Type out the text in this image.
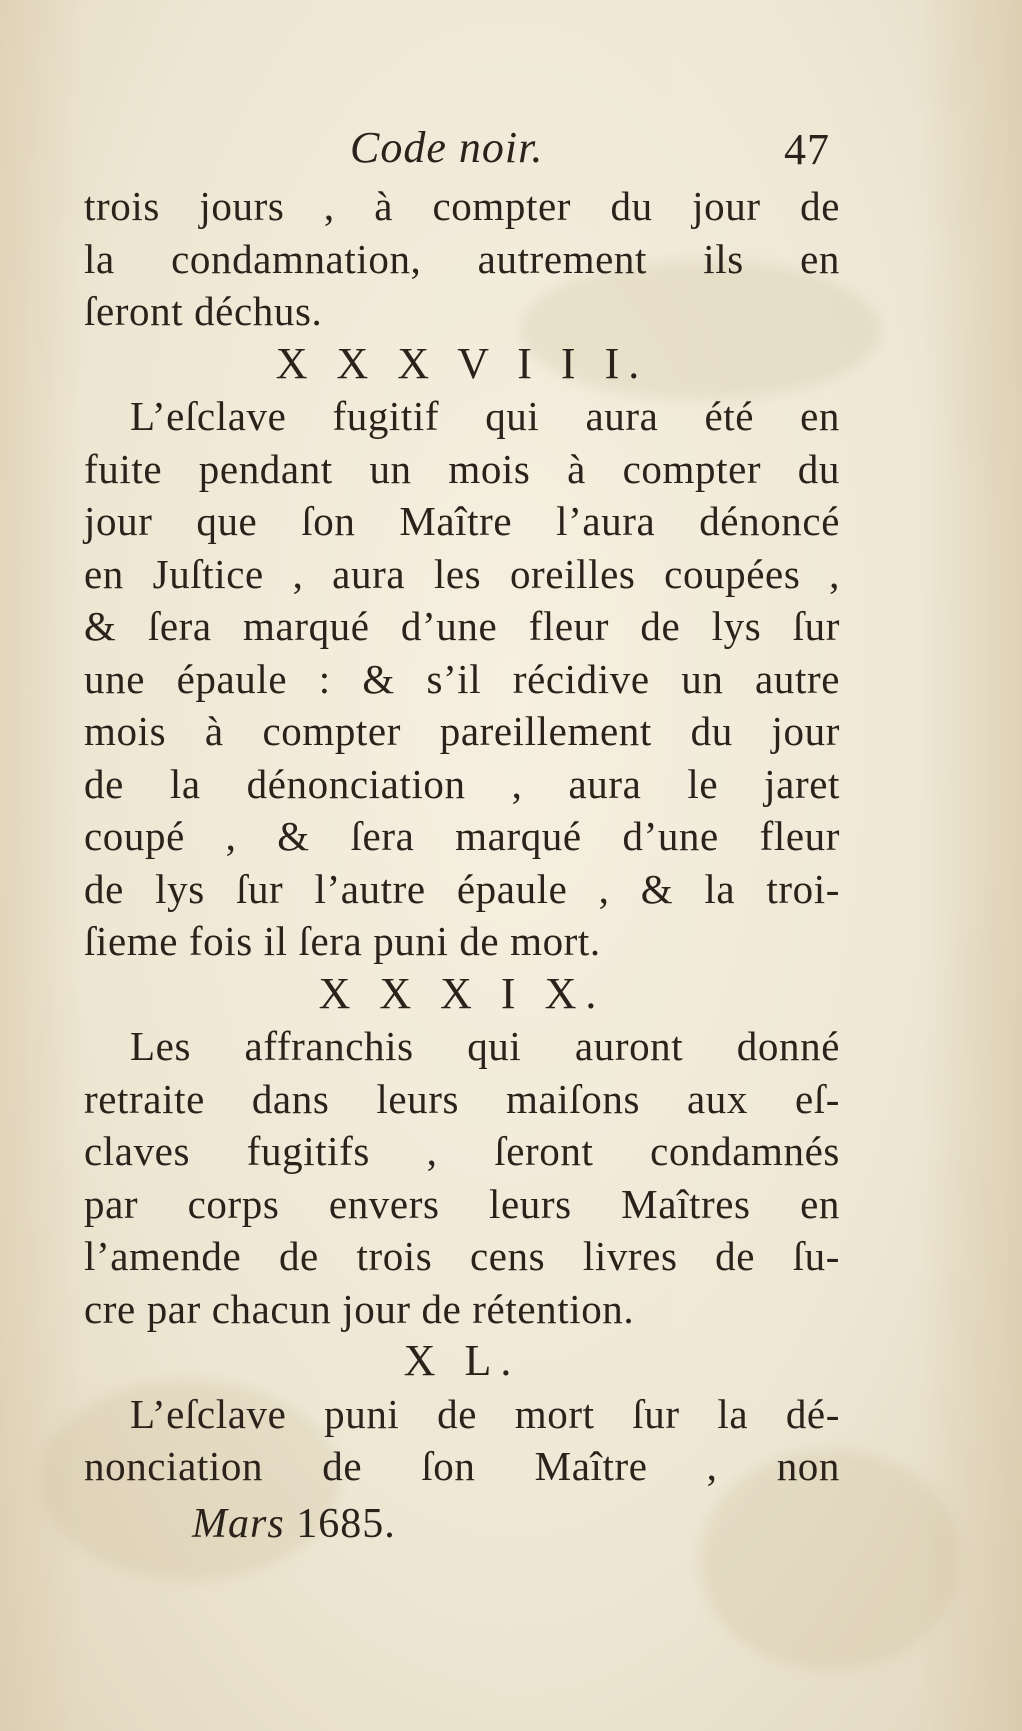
Code noir.	47
trois jours , à compter du jour de
la condamnation, autrement ils en
ſeront déchus.
X X X V I I I.
L’eſclave fugitif qui aura été en
fuite pendant un mois à compter du
jour que ſon Maître l’aura dénoncé
en Juſtice , aura les oreilles coupées ,
& ſera marqué d’une fleur de lys ſur
une épaule : & s’il récidive un autre
mois à compter pareillement du jour
de la dénonciation , aura le jaret
coupé , & ſera marqué d’une fleur
de lys ſur l’autre épaule , & la troi-
ſieme fois il ſera puni de mort.
X X X I X.
Les affranchis qui auront donné
retraite dans leurs maiſons aux eſ-
claves fugitifs , ſeront condamnés
par corps envers leurs Maîtres en
l’amende de trois cens livres de ſu-
cre par chacun jour de rétention.
X L.
L’eſclave puni de mort ſur la dé-
nonciation de ſon Maître , non
Mars 1685.
